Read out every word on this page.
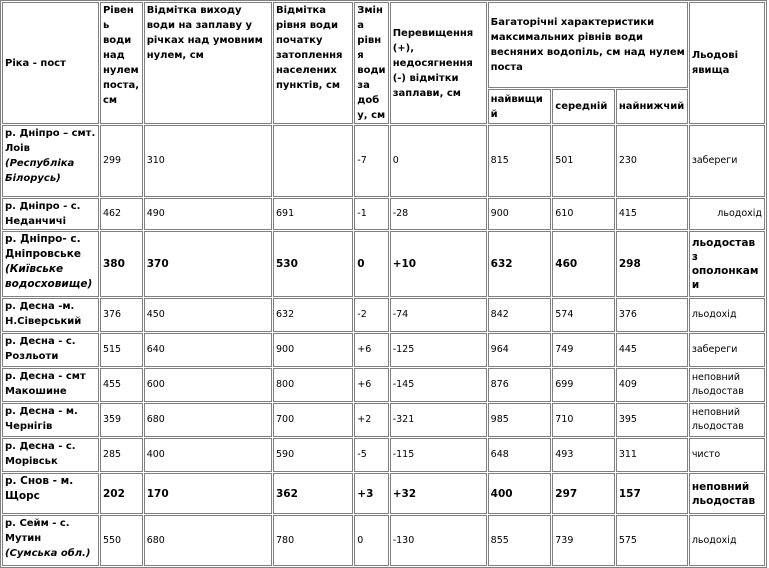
Ріка - пост	Рівень води над нулем поста, см	Відмітка виходу води на заплаву у річках над умовним нулем, см	Відмітка рівня води початку затоплення населених пунктів, см	Зміна рівня води за добу, см	Перевищення (+), недосягнення (-) відмітки заплави, см	Багаторічні характеристики максимальних рівнів води весняних водопіль, см над нулем поста			Льодові явища
						найвищий	середній	найнижчий	
р. Дніпро – смт. Лоів (Республіка Білорусь)	299	310		-7	0	815	501	230	забереги
р. Дніпро - с. Неданчичі	462	490	691	-1	-28	900	610	415	льодохід
р. Дніпро- с. Дніпровське (Київське водосховище)	380	370	530	0	+10	632	460	298	льодостав з ополонками
р. Десна -м. Н.Сіверський	376	450	632	-2	-74	842	574	376	льодохід
р. Десна - с. Розльоти	515	640	900	+6	-125	964	749	445	забереги
р. Десна - смт Макошине	455	600	800	+6	-145	876	699	409	неповний льодостав
р. Десна - м. Чернігів	359	680	700	+2	-321	985	710	395	неповний льодостав
р. Десна - с. Морівськ	285	400	590	-5	-115	648	493	311	чисто
р. Снов - м. Щорс	202	170	362	+3	+32	400	297	157	неповний льодостав
р. Сейм - с. Мутин (Сумська обл.)	550	680	780	0	-130	855	739	575	льодохід
